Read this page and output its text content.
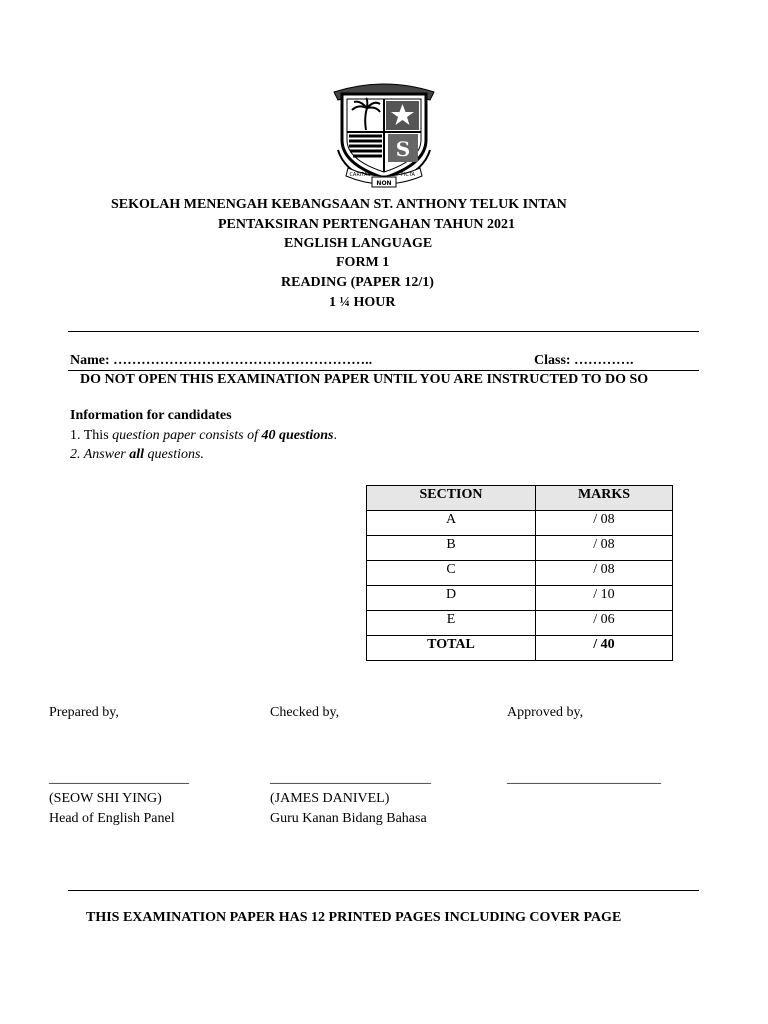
S
CARITAS
NON
FICTA
SEKOLAH MENENGAH KEBANGSAAN ST. ANTHONY TELUK INTAN
PENTAKSIRAN PERTENGAHAN TAHUN 2021
ENGLISH LANGUAGE
FORM 1
READING (PAPER 12/1)
1 ¼ HOUR
Name: ………………………………………………..	Class: ………….
DO NOT OPEN THIS EXAMINATION PAPER UNTIL YOU ARE INSTRUCTED TO DO SO
Information for candidates
1. This question paper consists of 40 questions.
2. Answer all questions.
SECTION	MARKS
A	/ 08
B	/ 08
C	/ 08
D	/ 10
E	/ 06
TOTAL	/ 40
Prepared by,	Checked by,	Approved by,
____________________	_______________________	______________________
(SEOW SHI YING)	(JAMES DANIVEL)
Head of English Panel	Guru Kanan Bidang Bahasa
THIS EXAMINATION PAPER HAS 12 PRINTED PAGES INCLUDING COVER PAGE
